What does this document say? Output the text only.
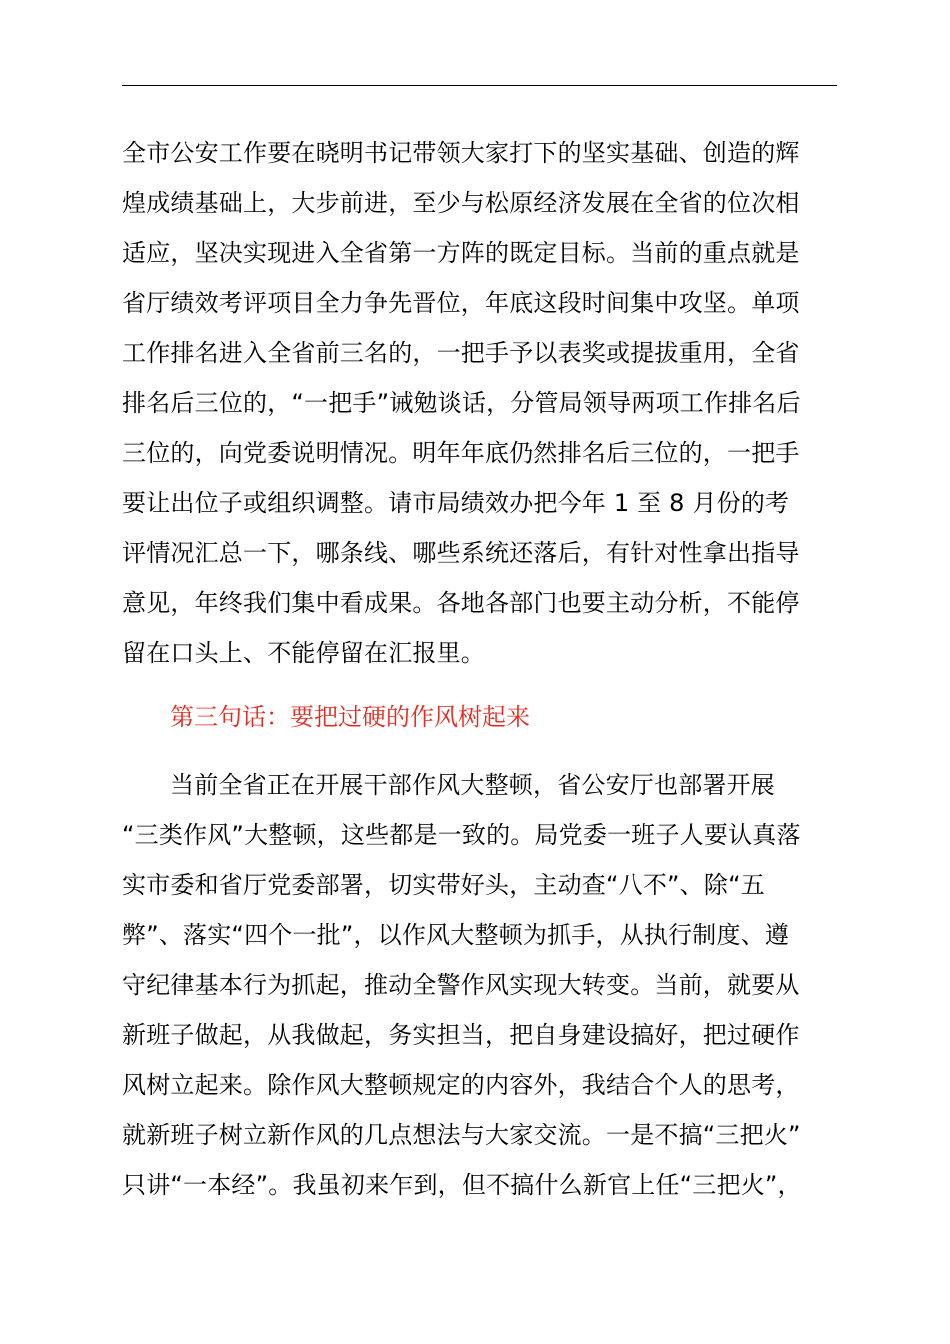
全市公安工作要在晓明书记带领大家打下的坚实基础、创造的辉
煌成绩基础上，大步前进，至少与松原经济发展在全省的位次相
适应，坚决实现进入全省第一方阵的既定目标。当前的重点就是
省厅绩效考评项目全力争先晋位，年底这段时间集中攻坚。单项
工作排名进入全省前三名的，一把手予以表奖或提拔重用，全省
排名后三位的，“一把手”诫勉谈话，分管局领导两项工作排名后
三位的，向党委说明情况。明年年底仍然排名后三位的，一把手
要让出位子或组织调整。请市局绩效办把今年 1 至 8 月份的考
评情况汇总一下，哪条线、哪些系统还落后，有针对性拿出指导
意见，年终我们集中看成果。各地各部门也要主动分析，不能停
留在口头上、不能停留在汇报里。
第三句话：要把过硬的作风树起来
当前全省正在开展干部作风大整顿，省公安厅也部署开展
“三类作风”大整顿，这些都是一致的。局党委一班子人要认真落
实市委和省厅党委部署，切实带好头，主动查“八不”、除“五
弊”、落实“四个一批”，以作风大整顿为抓手，从执行制度、遵
守纪律基本行为抓起，推动全警作风实现大转变。当前，就要从
新班子做起，从我做起，务实担当，把自身建设搞好，把过硬作
风树立起来。除作风大整顿规定的内容外，我结合个人的思考，
就新班子树立新作风的几点想法与大家交流。一是不搞“三把火”
只讲“一本经”。我虽初来乍到，但不搞什么新官上任“三把火”，
